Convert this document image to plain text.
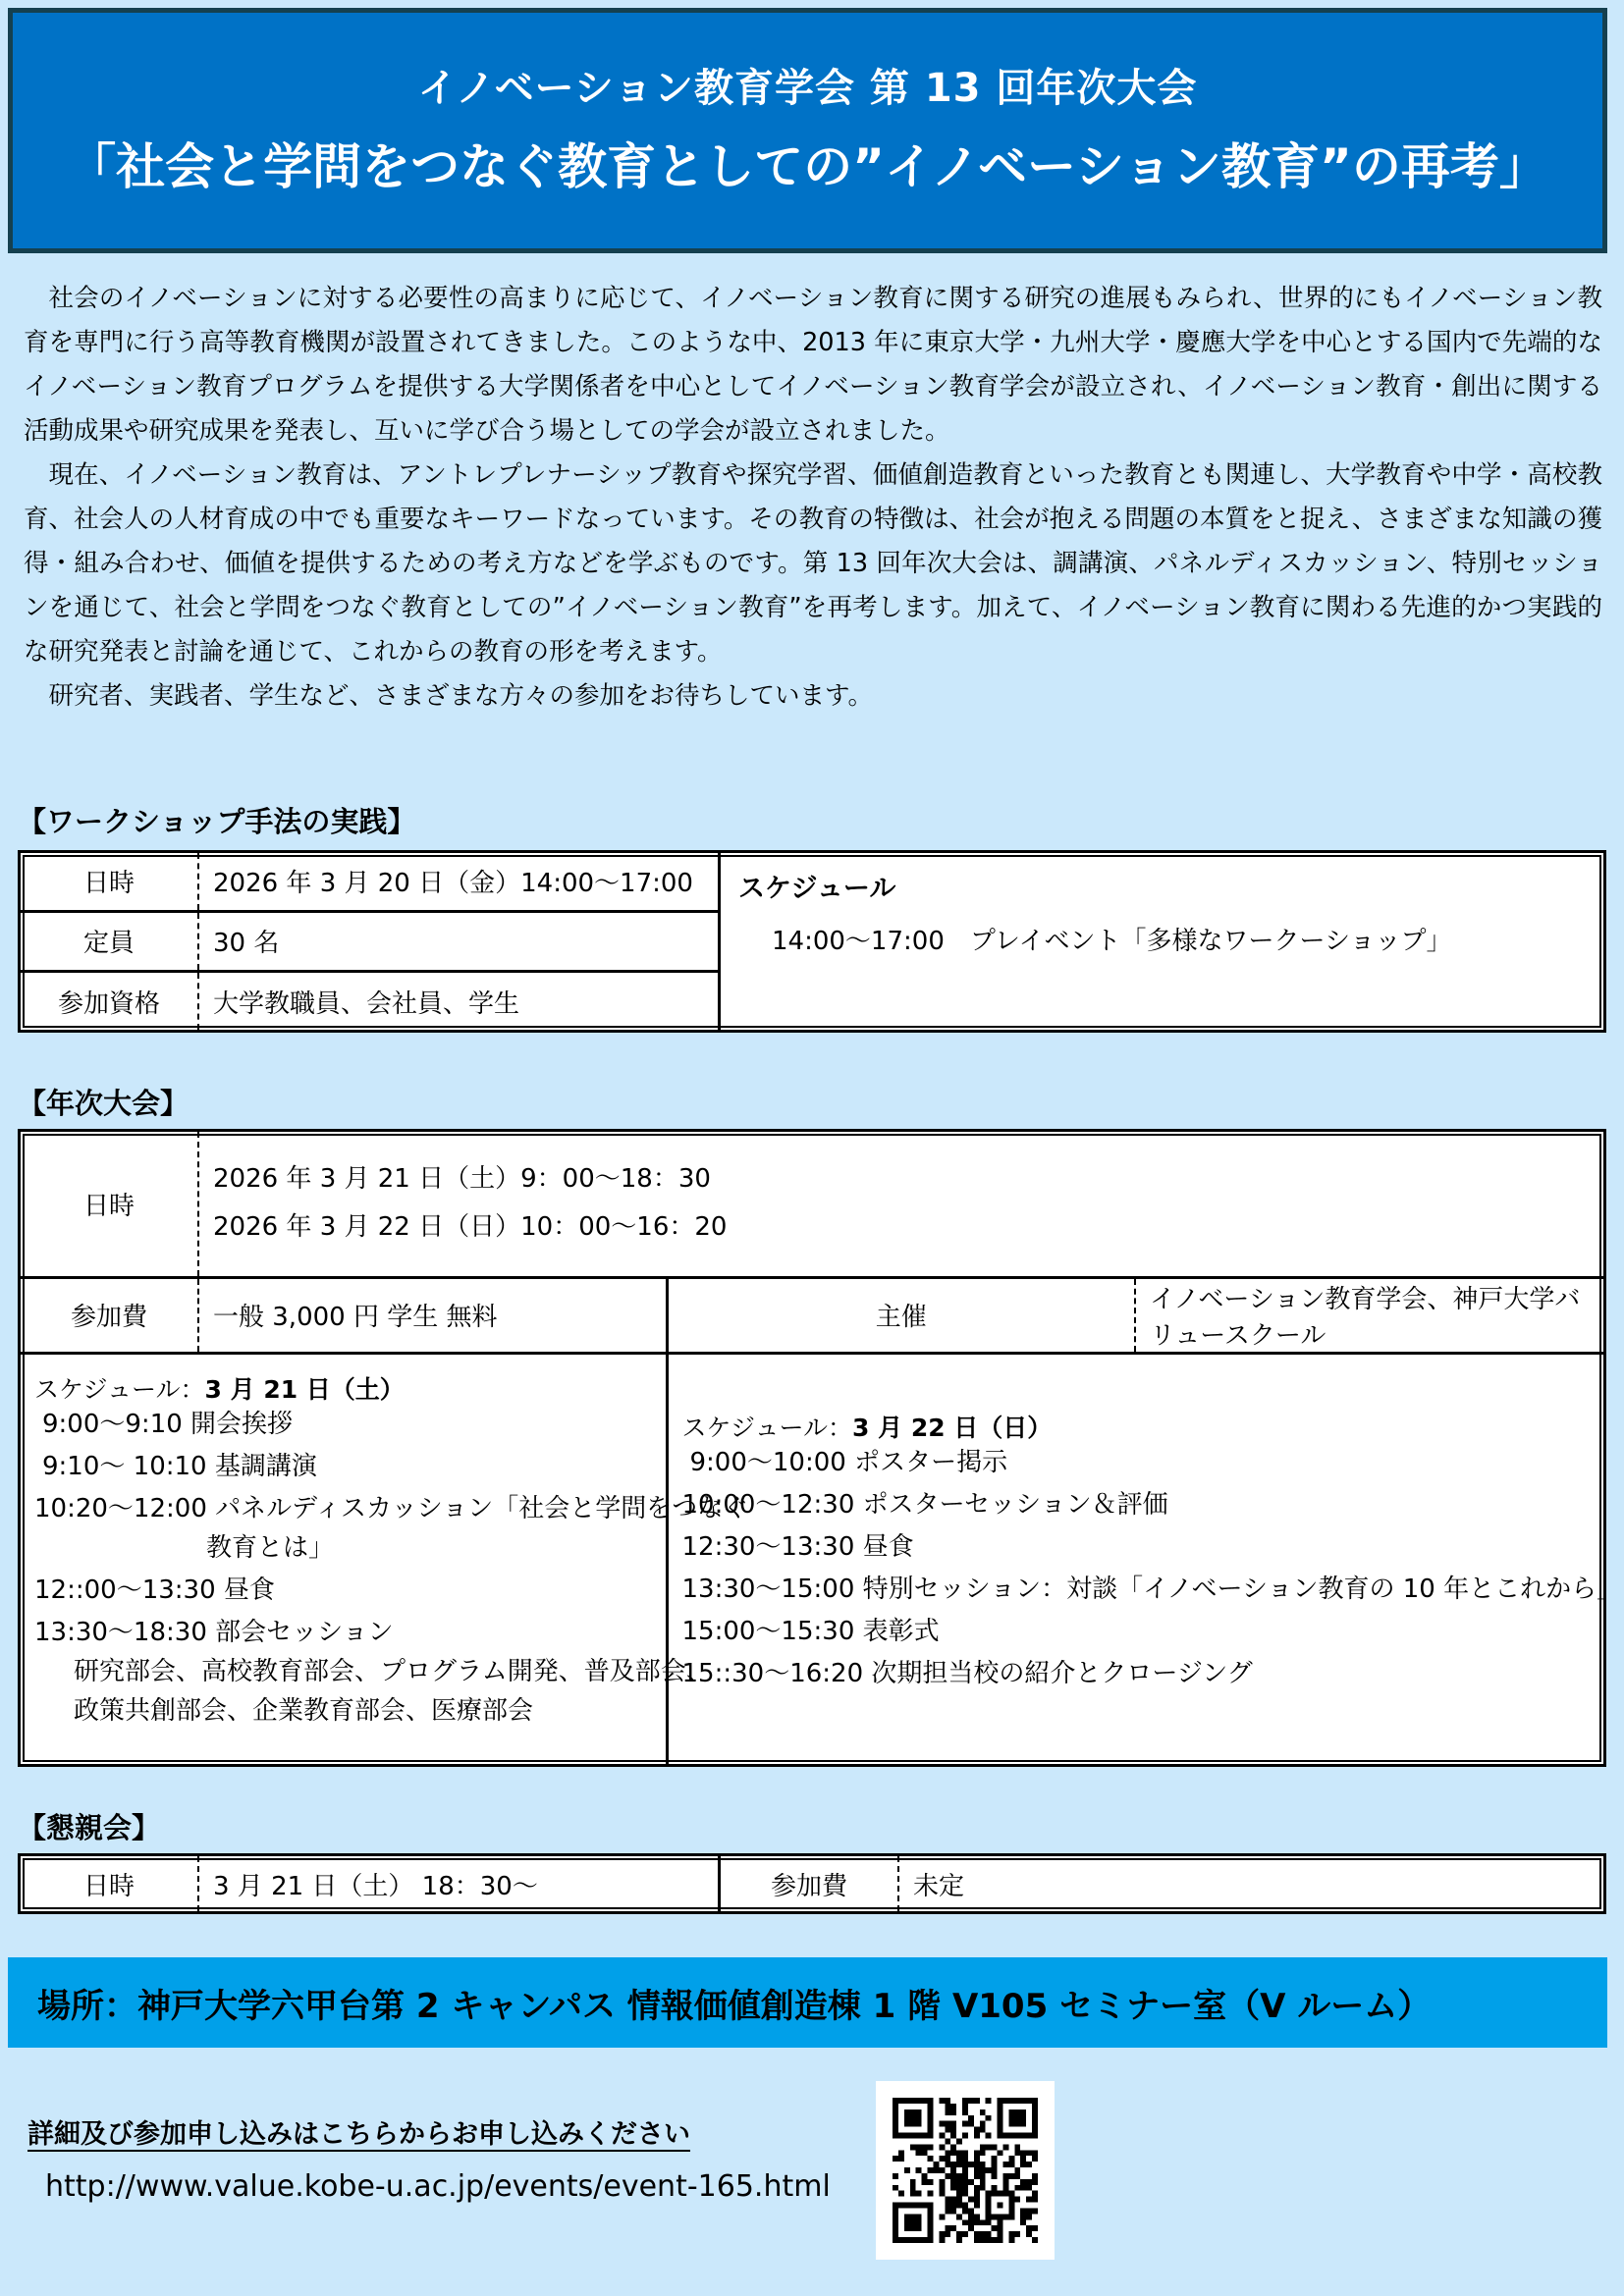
イノベーション教育学会 第 13 回年次大会
「社会と学問をつなぐ教育としての”イノベーション教育”の再考」

社会のイノベーションに対する必要性の高まりに応じて、イノベーション教育に関する研究の進展もみられ、世界的にもイノベーション教育を専門に行う高等教育機関が設置されてきました。このような中、2013 年に東京大学・九州大学・慶應大学を中心とする国内で先端的なイノベーション教育プログラムを提供する大学関係者を中心としてイノベーション教育学会が設立され、イノベーション教育・創出に関する活動成果や研究成果を発表し、互いに学び合う場としての学会が設立されました。

現在、イノベーション教育は、アントレプレナーシップ教育や探究学習、価値創造教育といった教育とも関連し、大学教育や中学・高校教育、社会人の人材育成の中でも重要なキーワードなっています。その教育の特徴は、社会が抱える問題の本質をと捉え、さまざまな知識の獲得・組み合わせ、価値を提供するための考え方などを学ぶものです。第 13 回年次大会は、調講演、パネルディスカッション、特別セッションを通じて、社会と学問をつなぐ教育としての”イノベーション教育”を再考します。加えて、イノベーション教育に関わる先進的かつ実践的な研究発表と討論を通じて、これからの教育の形を考えます。

研究者、実践者、学生など、さまざまな方々の参加をお待ちしています。

【ワークショップ手法の実践】
日時	2026 年 3 月 20 日（金）14:00〜17:00	スケジュール
14:00〜17:00　プレイベント「多様なワークーショップ」

定員	30 名	
参加資格	大学教職員、会社員、学生	
【年次大会】
日時	2026 年 3 月 21 日（土）9：00〜18：30
2026 年 3 月 22 日（日）10：00〜16：20		

参加費	一般 3,000 円 学生 無料	主催	イノベーション教育学会、神戸大学バリュースクール

スケジュール：3 月 21 日（土）
9:00〜9:10 開会挨拶
9:10〜 10:10 基調講演
10:20〜12:00 パネルディスカッション「社会と学問をつなぐ
教育とは」
12::00〜13:30 昼食
13:30〜18:30 部会セッション
研究部会、高校教育部会、プログラム開発、普及部会、
政策共創部会、企業教育部会、医療部会

スケジュール：3 月 22 日（日）
9:00〜10:00 ポスター掲示
10:00〜12:30 ポスターセッション＆評価
12:30〜13:30 昼食
13:30〜15:00 特別セッション：対談「イノベーション教育の 10 年とこれから」
15:00〜15:30 表彰式
15::30〜16:20 次期担当校の紹介とクロージング
【懇親会】
日時	3 月 21 日（土） 18：30〜	参加費	未定
場所：神戸大学六甲台第 2 キャンパス 情報価値創造棟 1 階 V105 セミナー室（V ルーム）
詳細及び参加申し込みはこちらからお申し込みください
http://www.value.kobe-u.ac.jp/events/event-165.html
